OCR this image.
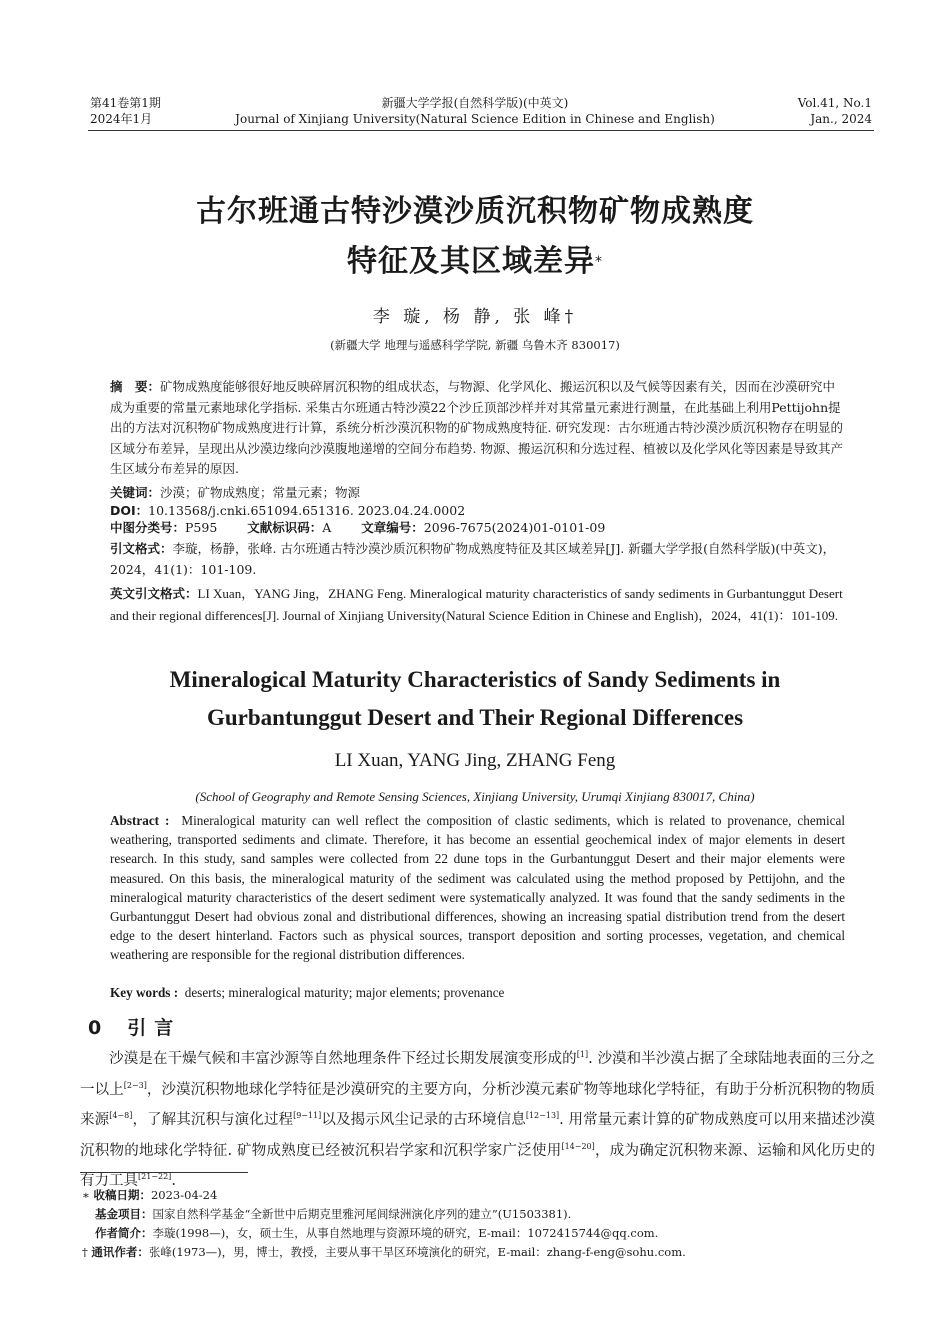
第41卷第1期
2024年1月
新疆大学学报(自然科学版)(中英文)
Journal of Xinjiang University(Natural Science Edition in Chinese and English)
Vol.41, No.1
Jan., 2024
古尔班通古特沙漠沙质沉积物矿物成熟度
特征及其区域差异*
李 璇, 杨 静, 张 峰†
(新疆大学 地理与遥感科学学院, 新疆 乌鲁木齐 830017)
摘　要：矿物成熟度能够很好地反映碎屑沉积物的组成状态，与物源、化学风化、搬运沉积以及气候等因素有关，因而在沙漠研究中成为重要的常量元素地球化学指标. 采集古尔班通古特沙漠22个沙丘顶部沙样并对其常量元素进行测量，在此基础上利用Pettijohn提出的方法对沉积物矿物成熟度进行计算，系统分析沙漠沉积物的矿物成熟度特征. 研究发现：古尔班通古特沙漠沙质沉积物存在明显的区域分布差异，呈现出从沙漠边缘向沙漠腹地递增的空间分布趋势. 物源、搬运沉积和分选过程、植被以及化学风化等因素是导致其产生区域分布差异的原因.
关键词：沙漠；矿物成熟度；常量元素；物源
DOI：10.13568/j.cnki.651094.651316. 2023.04.24.0002
中图分类号：P595 文献标识码：A 文章编号：2096-7675(2024)01-0101-09
引文格式：李璇，杨静，张峰. 古尔班通古特沙漠沙质沉积物矿物成熟度特征及其区域差异[J]. 新疆大学学报(自然科学版)(中英文)，2024，41(1)：101-109.
英文引文格式：LI Xuan，YANG Jing，ZHANG Feng. Mineralogical maturity characteristics of sandy sediments in Gurbantunggut Desert and their regional differences[J]. Journal of Xinjiang University(Natural Science Edition in Chinese and English)，2024，41(1)：101-109.
Mineralogical Maturity Characteristics of Sandy Sediments in
Gurbantunggut Desert and Their Regional Differences
LI Xuan, YANG Jing, ZHANG Feng
(School of Geography and Remote Sensing Sciences, Xinjiang University, Urumqi Xinjiang 830017, China)
Abstract : Mineralogical maturity can well reflect the composition of clastic sediments, which is related to provenance, chemical weathering, transported sediments and climate. Therefore, it has become an essential geochemical index of major elements in desert research. In this study, sand samples were collected from 22 dune tops in the Gurbantunggut Desert and their major elements were measured. On this basis, the mineralogical maturity of the sediment was calculated using the method proposed by Pettijohn, and the mineralogical maturity characteristics of the desert sediment were systematically analyzed. It was found that the sandy sediments in the Gurbantunggut Desert had obvious zonal and distributional differences, showing an increasing spatial distribution trend from the desert edge to the desert hinterland. Factors such as physical sources, transport deposition and sorting processes, vegetation, and chemical weathering are responsible for the regional distribution differences.
Key words : deserts; mineralogical maturity; major elements; provenance
0 引言
沙漠是在干燥气候和丰富沙源等自然地理条件下经过长期发展演变形成的[1]. 沙漠和半沙漠占据了全球陆地表面的三分之一以上[2−3]，沙漠沉积物地球化学特征是沙漠研究的主要方向，分析沙漠元素矿物等地球化学特征，有助于分析沉积物的物质来源[4−8]，了解其沉积与演化过程[9−11]以及揭示风尘记录的古环境信息[12−13]. 用常量元素计算的矿物成熟度可以用来描述沙漠沉积物的地球化学特征. 矿物成熟度已经被沉积岩学家和沉积学家广泛使用[14−20]，成为确定沉积物来源、运输和风化历史的有力工具[21−22].
∗ 收稿日期：2023-04-24
基金项目：国家自然科学基金“全新世中后期克里雅河尾闾绿洲演化序列的建立”(U1503381).
作者简介：李璇(1998—)，女，硕士生，从事自然地理与资源环境的研究，E-mail：1072415744@qq.com.
† 通讯作者：张峰(1973—)，男，博士，教授，主要从事干旱区环境演化的研究，E-mail：zhang-f-eng@sohu.com.
